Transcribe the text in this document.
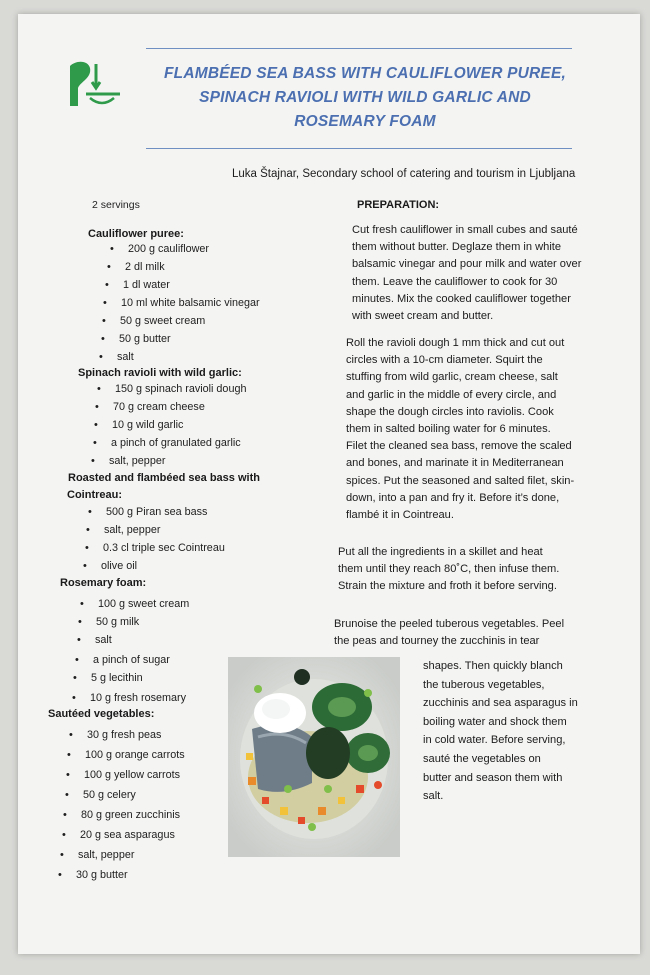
FLAMBÉED SEA BASS WITH CAULIFLOWER PUREE,
SPINACH RAVIOLI WITH WILD GARLIC AND
ROSEMARY FOAM
Luka Štajnar, Secondary school of catering and tourism in Ljubljana
2 servings
Cauliflower puree:
• 200 g cauliflower
• 2 dl milk
• 1 dl water
• 10 ml white balsamic vinegar
• 50 g sweet cream
• 50 g butter
• salt
Spinach ravioli with wild garlic:
• 150 g spinach ravioli dough
• 70 g cream cheese
• 10 g wild garlic
• a pinch of granulated garlic
• salt, pepper
Roasted and flambéed sea bass with
Cointreau:
• 500 g Piran sea bass
• salt, pepper
• 0.3 cl triple sec Cointreau
• olive oil
Rosemary foam:
• 100 g sweet cream
• 50 g milk
• salt
• a pinch of sugar
• 5 g lecithin
• 10 g fresh rosemary
Sautéed vegetables:
• 30 g fresh peas
• 100 g orange carrots
• 100 g yellow carrots
• 50 g celery
• 80 g green zucchinis
• 20 g sea asparagus
• salt, pepper
• 30 g butter
PREPARATION:
Cut fresh cauliflower in small cubes and sauté
them without butter. Deglaze them in white
balsamic vinegar and pour milk and water over
them. Leave the cauliflower to cook for 30
minutes. Mix the cooked cauliflower together
with sweet cream and butter.
Roll the ravioli dough 1 mm thick and cut out
circles with a 10-cm diameter. Squirt the
stuffing from wild garlic, cream cheese, salt
and garlic in the middle of every circle, and
shape the dough circles into raviolis. Cook
them in salted boiling water for 6 minutes.
Filet the cleaned sea bass, remove the scaled
and bones, and marinate it in Mediterranean
spices. Put the seasoned and salted filet, skin-
down, into a pan and fry it. Before it’s done,
flambé it in Cointreau.
Put all the ingredients in a skillet and heat
them until they reach 80˚C, then infuse them.
Strain the mixture and froth it before serving.
Brunoise the peeled tuberous vegetables. Peel
the peas and tourney the zucchinis in tear
shapes. Then quickly blanch
the tuberous vegetables,
zucchinis and sea asparagus in
boiling water and shock them
in cold water. Before serving,
sauté the vegetables on
butter and season them with
salt.
